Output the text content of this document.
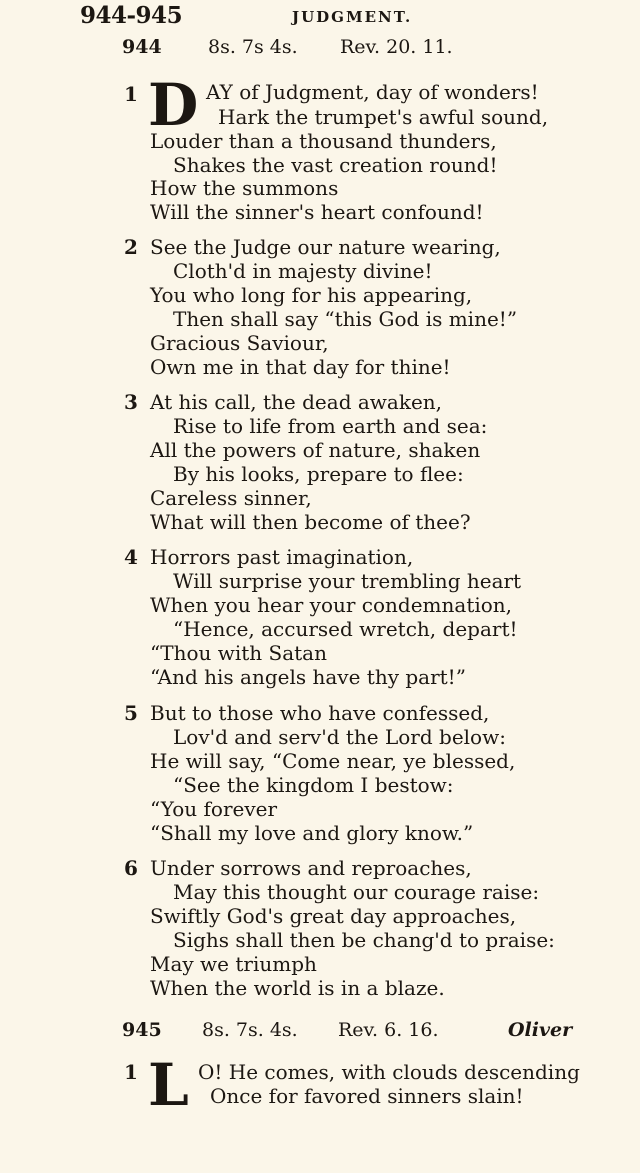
944-945	JUDGMENT.
944 8s. 7s 4s. Rev. 20. 11.
1 D AY of Judgment, day of wonders!
Hark the trumpet's awful sound,
Louder than a thousand thunders,
Shakes the vast creation round!
How the summons
Will the sinner's heart confound!
2 See the Judge our nature wearing,
Cloth'd in majesty divine!
You who long for his appearing,
Then shall say “this God is mine!”
Gracious Saviour,
Own me in that day for thine!
3 At his call, the dead awaken,
Rise to life from earth and sea:
All the powers of nature, shaken
By his looks, prepare to flee:
Careless sinner,
What will then become of thee?
4 Horrors past imagination,
Will surprise your trembling heart
When you hear your condemnation,
“Hence, accursed wretch, depart!
“Thou with Satan
“And his angels have thy part!”
5 But to those who have confessed,
Lov'd and serv'd the Lord below:
He will say, “Come near, ye blessed,
“See the kingdom I bestow:
“You forever
“Shall my love and glory know.”
6 Under sorrows and reproaches,
May this thought our courage raise:
Swiftly God's great day approaches,
Sighs shall then be chang'd to praise:
May we triumph
When the world is in a blaze.
945 8s. 7s. 4s. Rev. 6. 16.	Oliver
1 L O! He comes, with clouds descending
Once for favored sinners slain!
